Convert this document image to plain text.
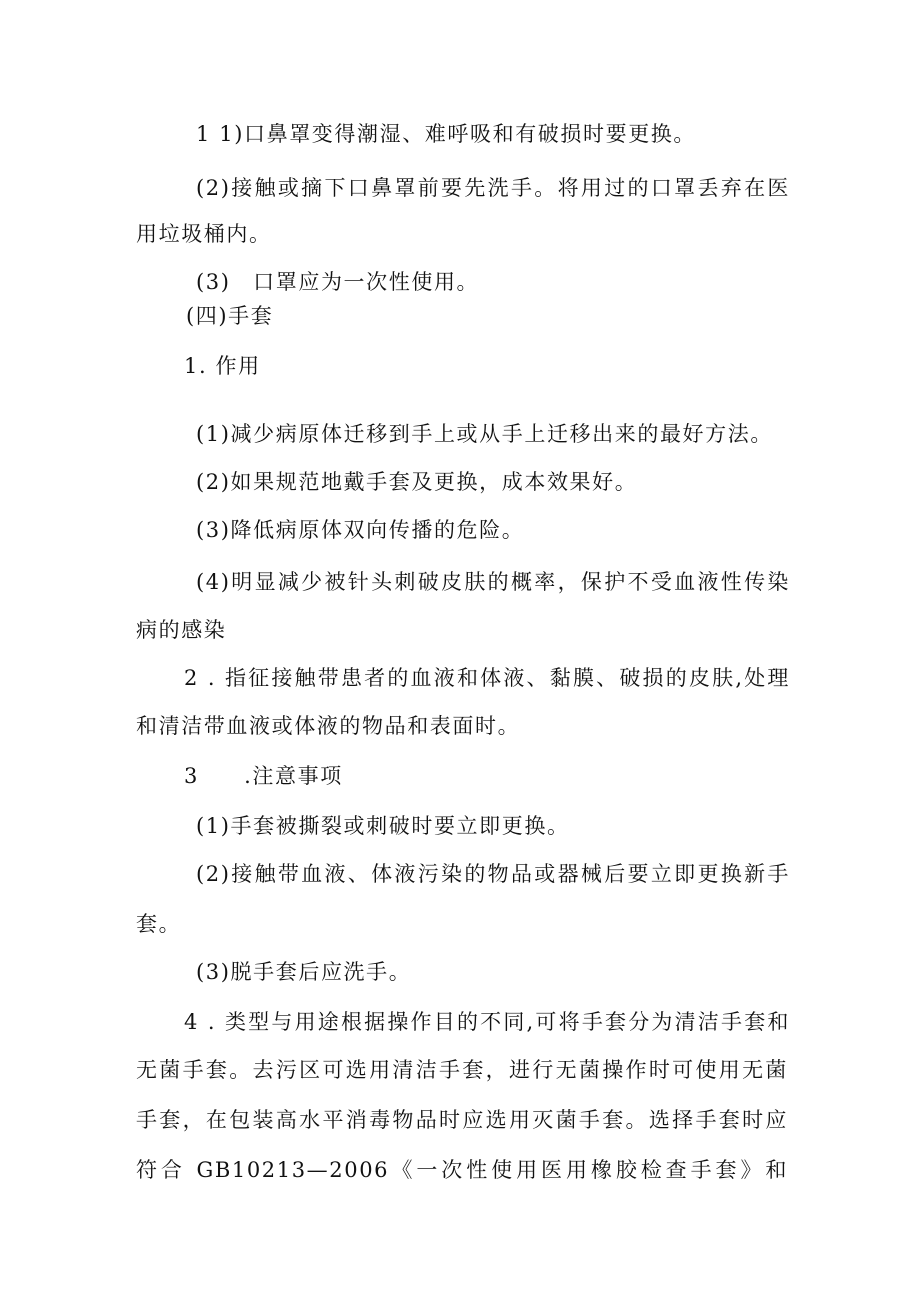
1 1)口鼻罩变得潮湿、难呼吸和有破损时要更换。
(2)接触或摘下口鼻罩前要先洗手。将用过的口罩丢弃在医
用垃圾桶内。
(3)　口罩应为一次性使用。
(四)手套
1. 作用
(1)减少病原体迁移到手上或从手上迁移出来的最好方法。
(2)如果规范地戴手套及更换，成本效果好。
(3)降低病原体双向传播的危险。
(4)明显减少被针头刺破皮肤的概率，保护不受血液性传染
病的感染
2 . 指征接触带患者的血液和体液、黏膜、破损的皮肤,处理
和清洁带血液或体液的物品和表面时。
3　　.注意事项
(1)手套被撕裂或刺破时要立即更换。
(2)接触带血液、体液污染的物品或器械后要立即更换新手
套。
(3)脱手套后应洗手。
4 . 类型与用途根据操作目的不同,可将手套分为清洁手套和
无菌手套。去污区可选用清洁手套，进行无菌操作时可使用无菌
手套，在包装高水平消毒物品时应选用灭菌手套。选择手套时应
符合 GB10213—2006《一次性使用医用橡胶检查手套》和
